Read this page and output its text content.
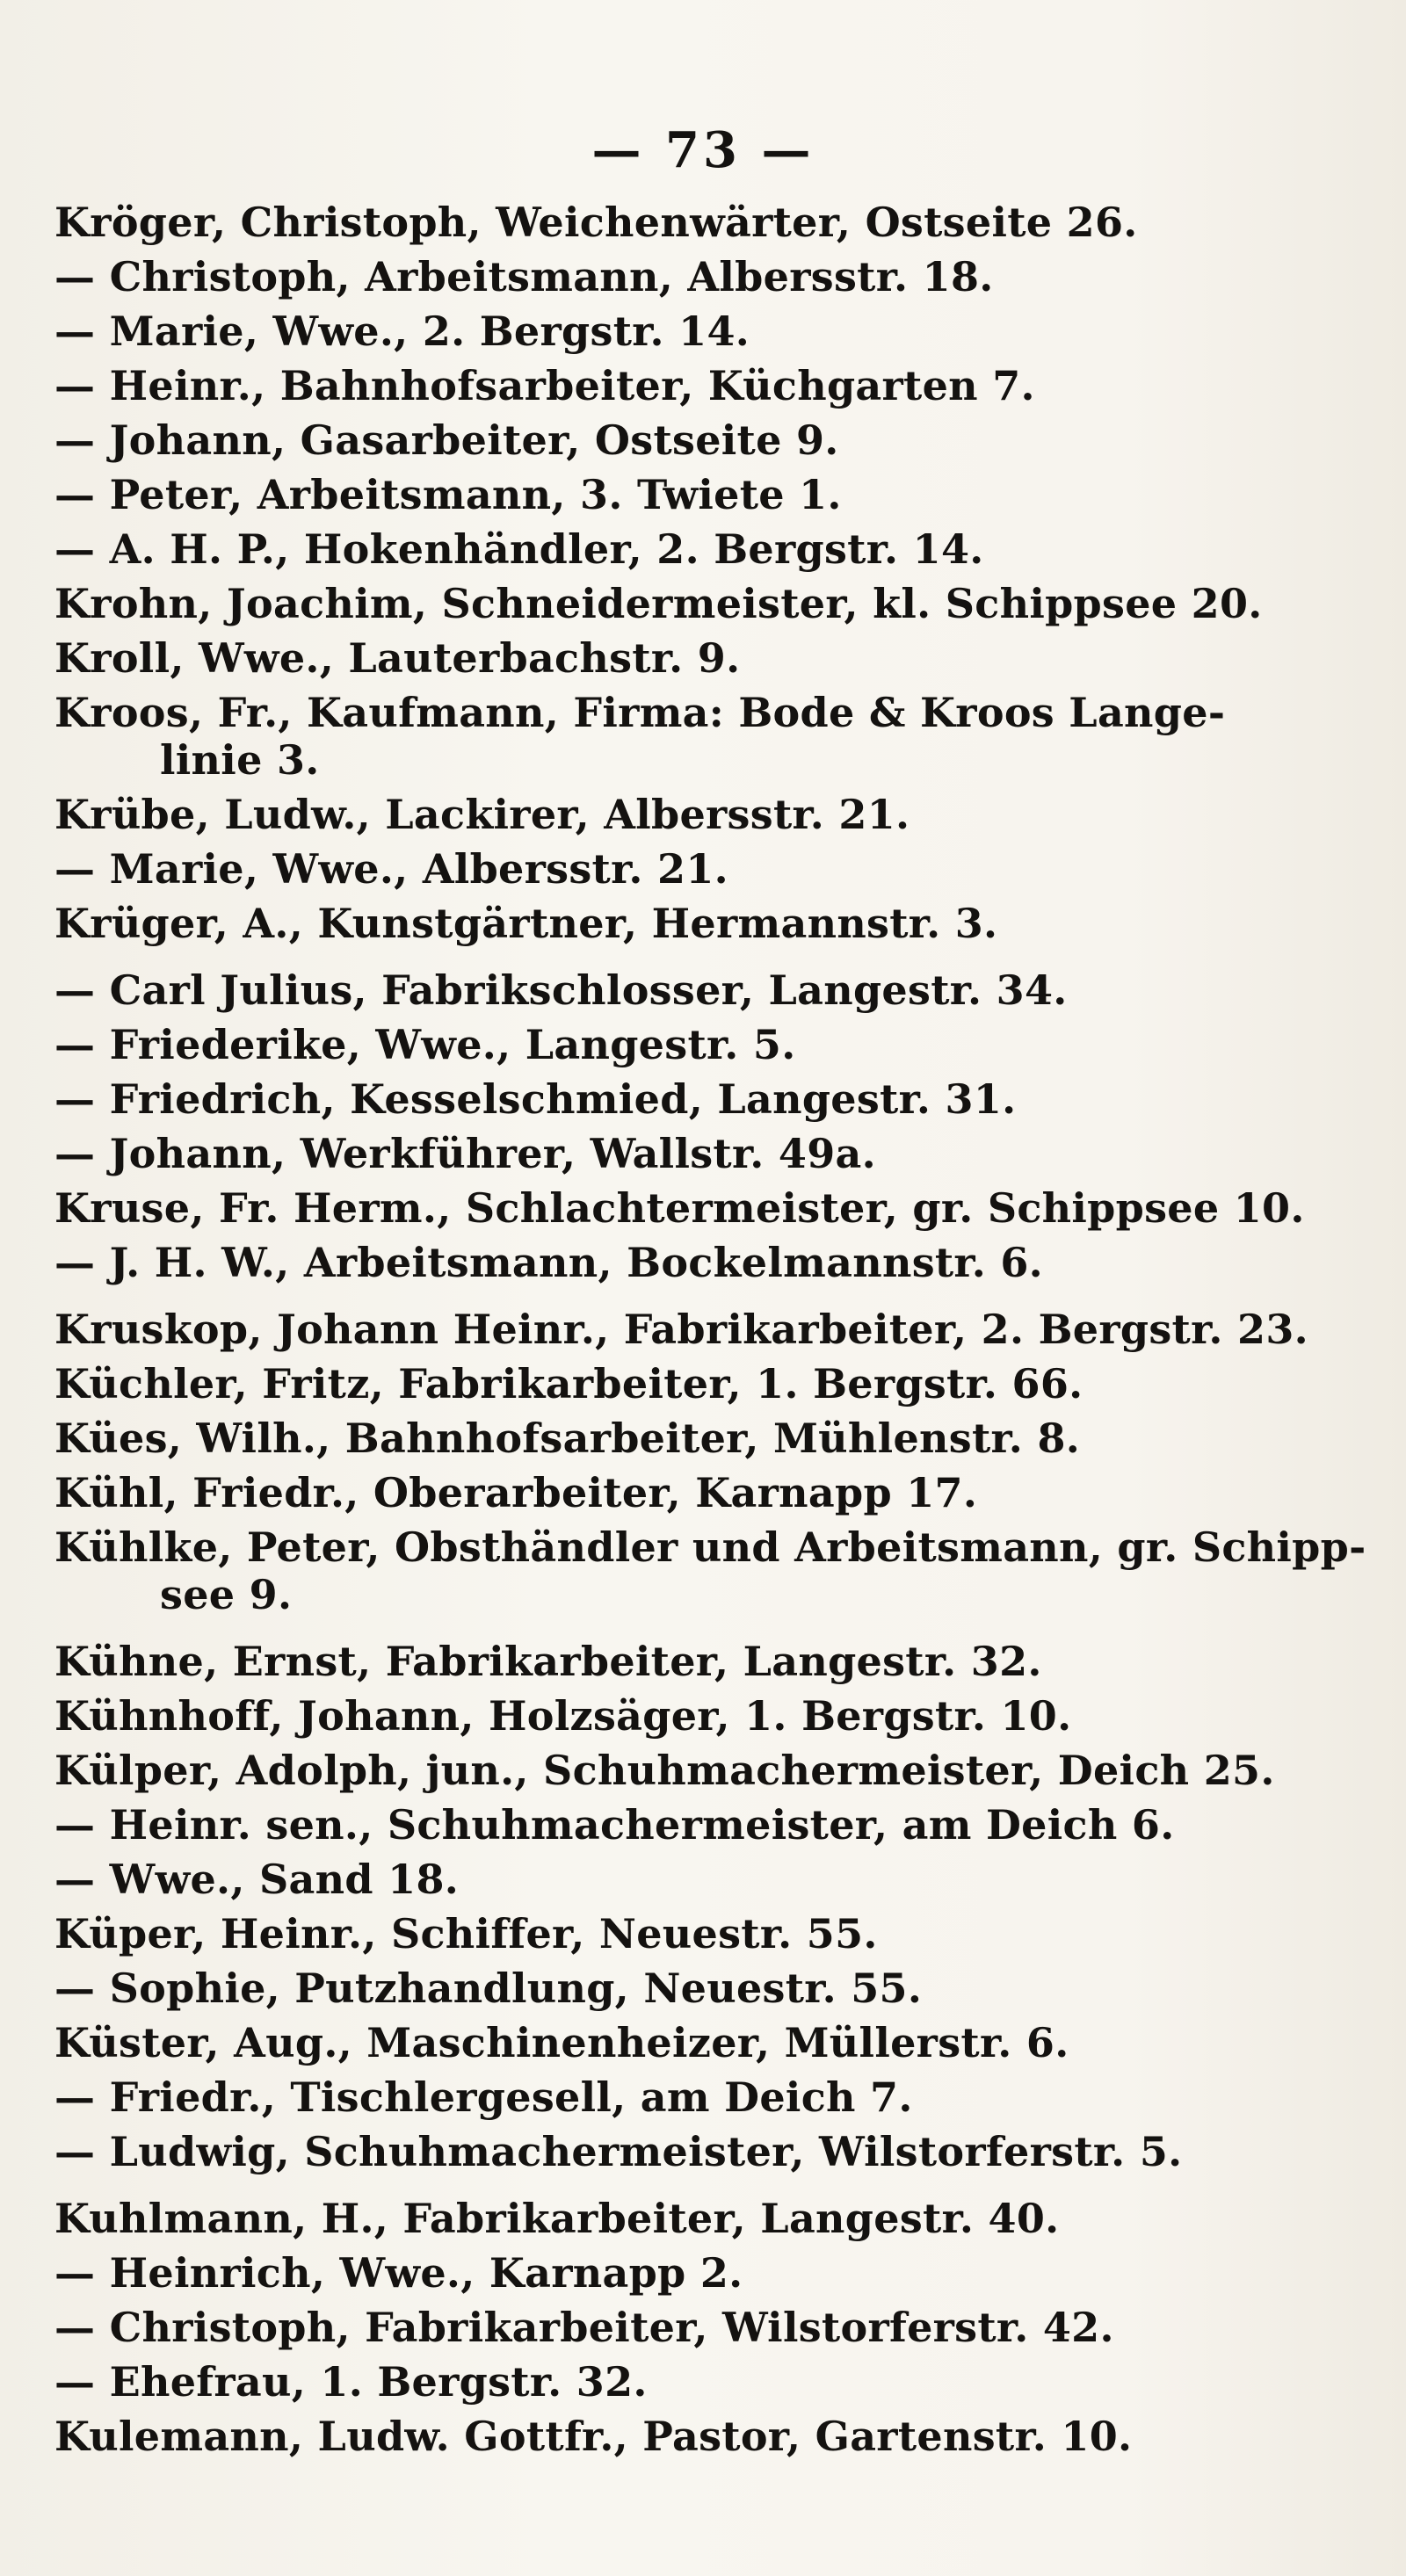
— 73 —
Kröger, Christoph, Weichenwärter, Ostseite 26.
— Christoph, Arbeitsmann, Albersstr. 18.
— Marie, Wwe., 2. Bergstr. 14.
— Heinr., Bahnhofsarbeiter, Küchgarten 7.
— Johann, Gasarbeiter, Ostseite 9.
— Peter, Arbeitsmann, 3. Twiete 1.
— A. H. P., Hokenhändler, 2. Bergstr. 14.
Krohn, Joachim, Schneidermeister, kl. Schippsee 20.
Kroll, Wwe., Lauterbachstr. 9.
Kroos, Fr., Kaufmann, Firma: Bode & Kroos Lange-
linie 3.
Krübe, Ludw., Lackirer, Albersstr. 21.
— Marie, Wwe., Albersstr. 21.
Krüger, A., Kunstgärtner, Hermannstr. 3.
— Carl Julius, Fabrikschlosser, Langestr. 34.
— Friederike, Wwe., Langestr. 5.
— Friedrich, Kesselschmied, Langestr. 31.
— Johann, Werkführer, Wallstr. 49a.
Kruse, Fr. Herm., Schlachtermeister, gr. Schippsee 10.
— J. H. W., Arbeitsmann, Bockelmannstr. 6.
Kruskop, Johann Heinr., Fabrikarbeiter, 2. Bergstr. 23.
Küchler, Fritz, Fabrikarbeiter, 1. Bergstr. 66.
Kües, Wilh., Bahnhofsarbeiter, Mühlenstr. 8.
Kühl, Friedr., Oberarbeiter, Karnapp 17.
Kühlke, Peter, Obsthändler und Arbeitsmann, gr. Schipp-
see 9.
Kühne, Ernst, Fabrikarbeiter, Langestr. 32.
Kühnhoff, Johann, Holzsäger, 1. Bergstr. 10.
Külper, Adolph, jun., Schuhmachermeister, Deich 25.
— Heinr. sen., Schuhmachermeister, am Deich 6.
— Wwe., Sand 18.
Küper, Heinr., Schiffer, Neuestr. 55.
— Sophie, Putzhandlung, Neuestr. 55.
Küster, Aug., Maschinenheizer, Müllerstr. 6.
— Friedr., Tischlergesell, am Deich 7.
— Ludwig, Schuhmachermeister, Wilstorferstr. 5.
Kuhlmann, H., Fabrikarbeiter, Langestr. 40.
— Heinrich, Wwe., Karnapp 2.
— Christoph, Fabrikarbeiter, Wilstorferstr. 42.
— Ehefrau, 1. Bergstr. 32.
Kulemann, Ludw. Gottfr., Pastor, Gartenstr. 10.
